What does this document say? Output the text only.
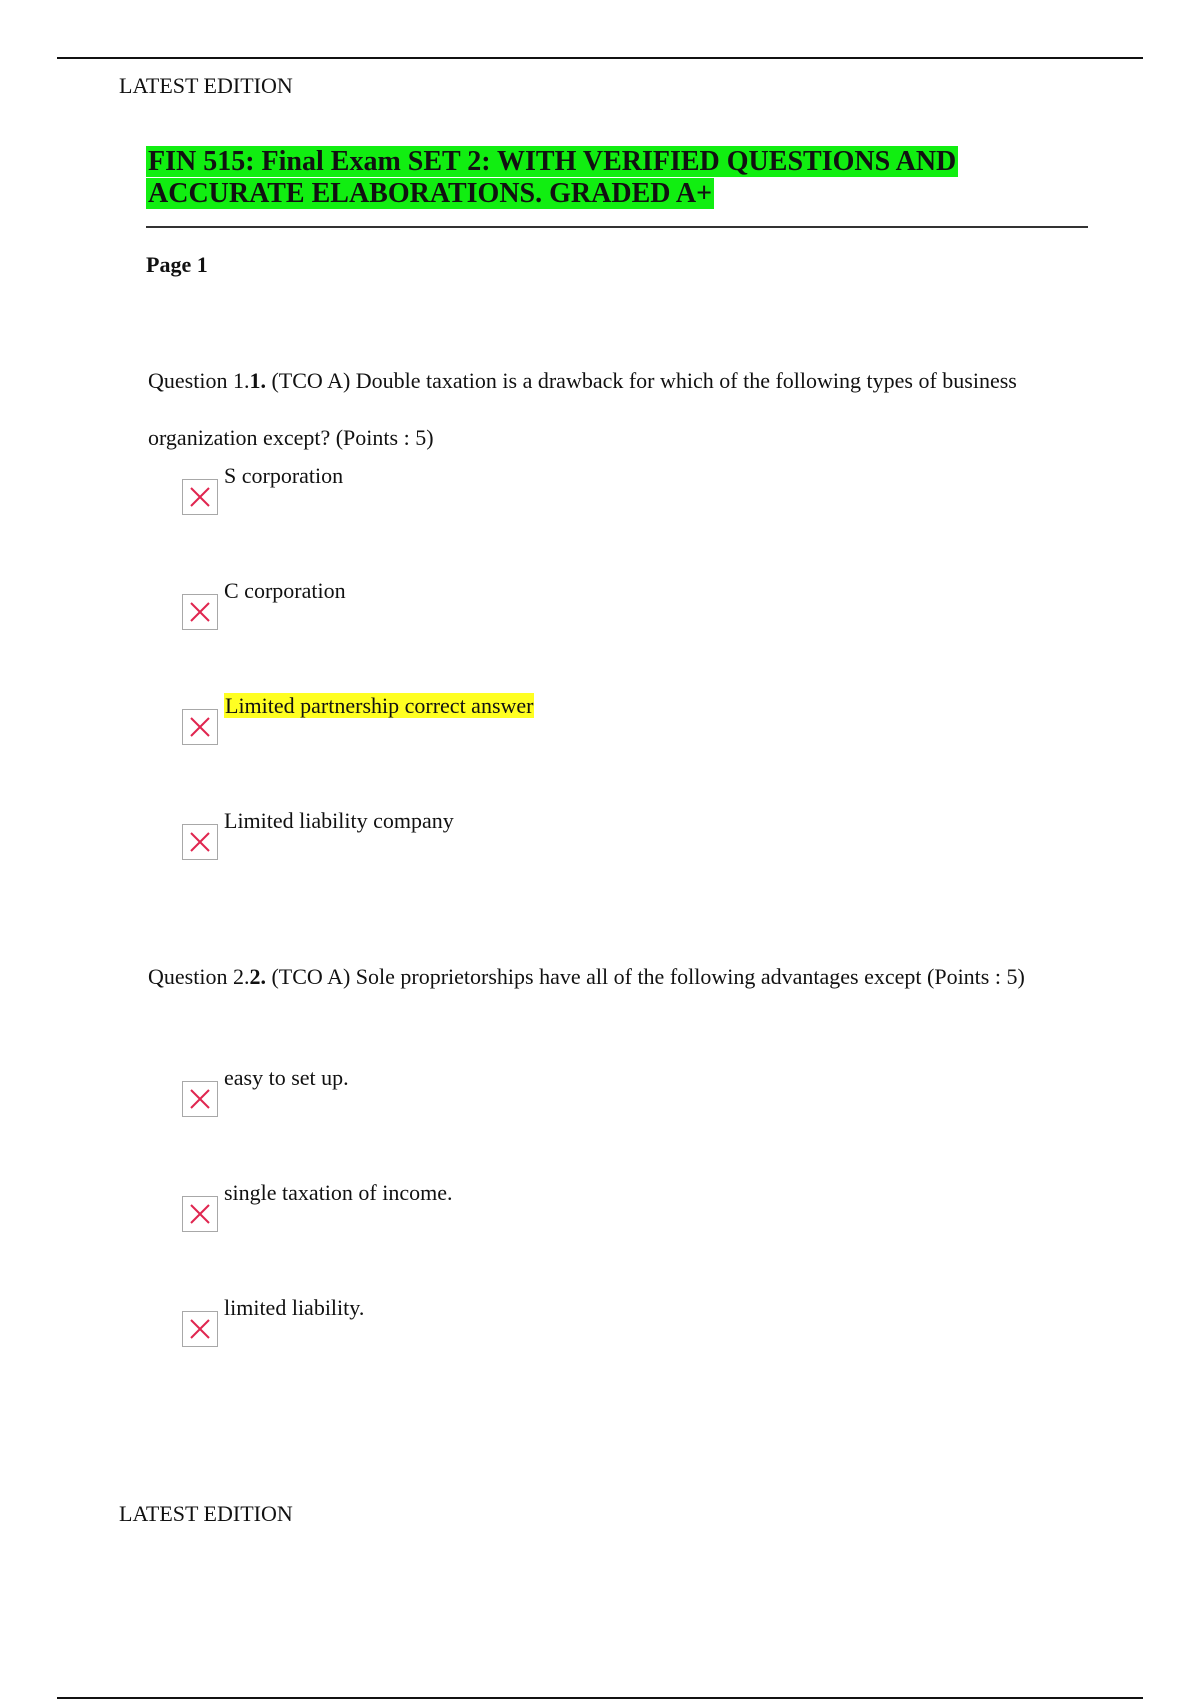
LATEST EDITION
FIN 515: Final Exam SET 2: WITH VERIFIED QUESTIONS AND ACCURATE ELABORATIONS. GRADED A+
Page 1
Question 1.1. (TCO A) Double taxation is a drawback for which of the following types of business organization except? (Points : 5)
S corporation
C corporation
Limited partnership correct answer
Limited liability company
Question 2.2. (TCO A) Sole proprietorships have all of the following advantages except (Points : 5)
easy to set up.
single taxation of income.
limited liability.
LATEST EDITION
